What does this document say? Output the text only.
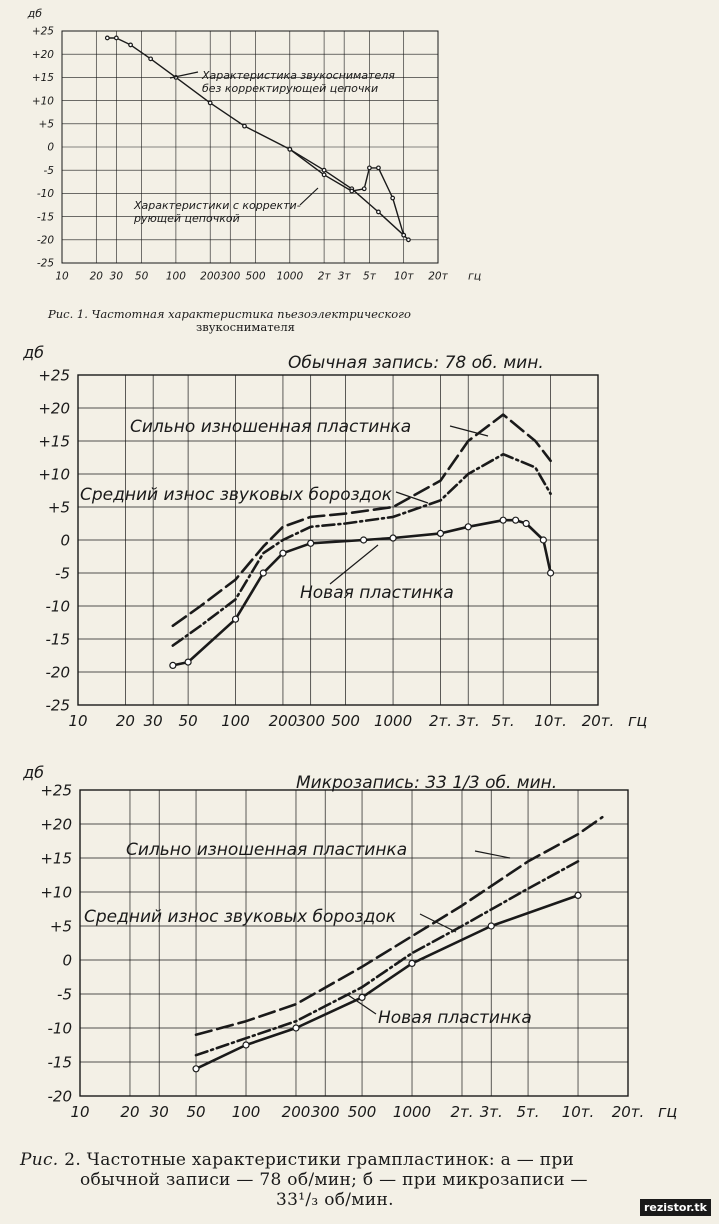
+25
+20
+15
+10
+5
0
-5
-10
-15
-20
-25
10 20 30 50 100 200 300 500 1000 2т 3т 5т 10т 20т
дб
гц
Характеристика звукоснимателя
без корректирующей цепочки
Характеристики с корректи-
рующей цепочкой
+25
+20
+15
+10
+5
0
-5
-10
-15
-20
-25
10 20 30 50 100 200 300 500 1000 2т. 3т. 5т. 10т. 20т.
дб
гц
Обычная запись: 78 об. мин.
Сильно изношенная пластинка
Средний износ звуковых бороздок
Новая пластинка
+25
+20
+15
+10
+5
0
-5
-10
-15
-20
10 20 30 50 100 200 300 500 1000 2т. 3т. 5т. 10т. 20т.
дб
гц
Микрозапись: 33 1/3 об. мин.
Сильно изношенная пластинка
Средний износ звуковых бороздок
Новая пластинка

Рис. 1. Частотная характеристика пьезоэлектрического
звукоснимателя

Рис. 2. Частотные характеристики грампластинок: а — при
обычной записи — 78 об/мин; б — при микрозаписи —
33¹/₃ об/мин.	rezistor.tk
